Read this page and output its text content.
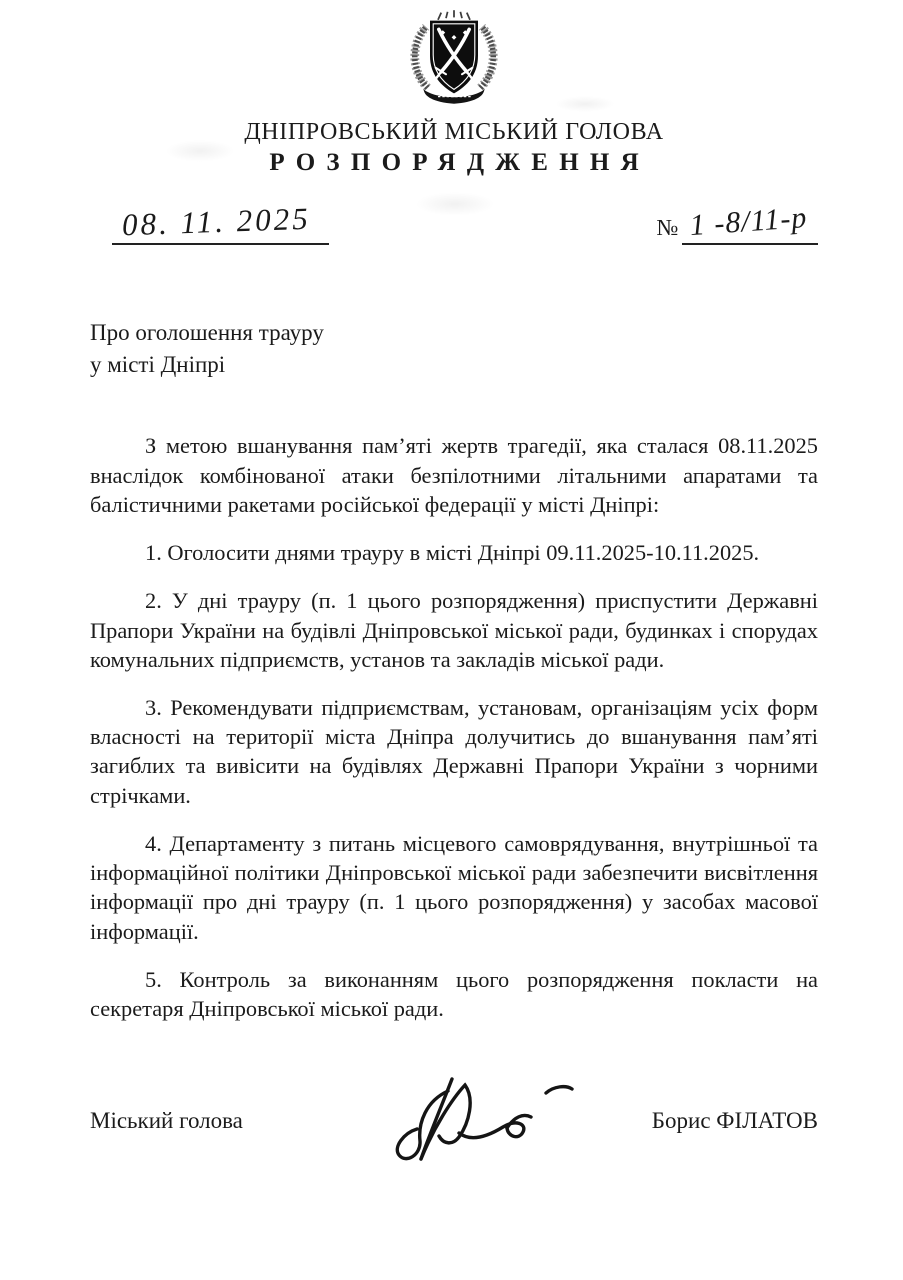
ДНІПРОВСЬКИЙ МІСЬКИЙ ГОЛОВА
РОЗПОРЯДЖЕННЯ
08. 11. 2025	№ 1 -8/11-р
Про оголошення трауру
у місті Дніпрі

З метою вшанування пам’яті жертв трагедії, яка сталася 08.11.2025 внаслідок комбінованої атаки безпілотними літальними апаратами та балістичними ракетами російської федерації у місті Дніпрі:

1. Оголосити днями трауру в місті Дніпрі 09.11.2025-10.11.2025.

2. У дні трауру (п. 1 цього розпорядження) приспустити Державні Прапори України на будівлі Дніпровської міської ради, будинках і спорудах комунальних підприємств, установ та закладів міської ради.

3. Рекомендувати підприємствам, установам, організаціям усіх форм власності на території міста Дніпра долучитись до вшанування пам’яті загиблих та вивісити на будівлях Державні Прапори України з чорними стрічками.

4. Департаменту з питань місцевого самоврядування, внутрішньої та інформаційної політики Дніпровської міської ради забезпечити висвітлення інформації про дні трауру (п. 1 цього розпорядження) у засобах масової інформації.

5. Контроль за виконанням цього розпорядження покласти на секретаря Дніпровської міської ради.

Міський голова	Борис ФІЛАТОВ
